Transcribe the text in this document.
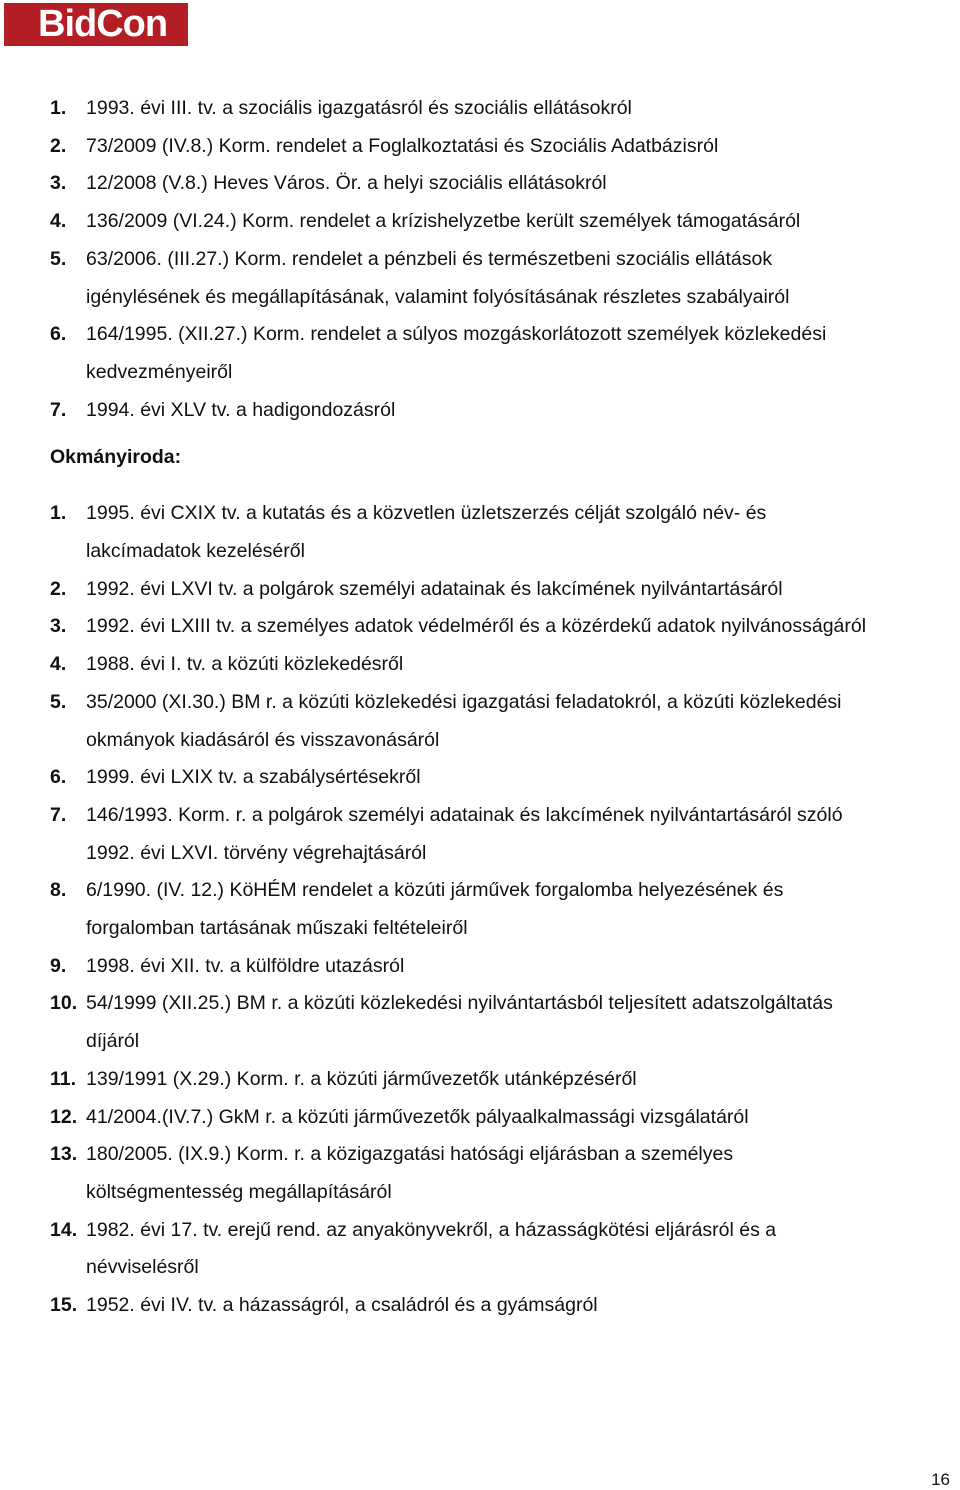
BidCon
1.	1993. évi III. tv. a szociális igazgatásról és szociális ellátásokról
2.	73/2009 (IV.8.) Korm. rendelet a Foglalkoztatási és Szociális Adatbázisról
3.	12/2008 (V.8.) Heves Város. Ör. a helyi szociális ellátásokról
4.	136/2009 (VI.24.) Korm. rendelet a krízishelyzetbe került személyek támogatásáról
5.	63/2006. (III.27.) Korm. rendelet a pénzbeli és természetbeni szociális ellátások
igénylésének és megállapításának, valamint folyósításának részletes szabályairól
6.	164/1995. (XII.27.) Korm. rendelet a súlyos mozgáskorlátozott személyek közlekedési
kedvezményeiről
7.	1994. évi XLV tv. a hadigondozásról
Okmányiroda:
1.	1995. évi CXIX tv. a kutatás és a közvetlen üzletszerzés célját szolgáló név- és
lakcímadatok kezeléséről
2.	1992. évi LXVI tv. a polgárok személyi adatainak és lakcímének nyilvántartásáról
3.	1992. évi LXIII tv. a személyes adatok védelméről és a közérdekű adatok nyilvánosságáról
4.	1988. évi I. tv. a közúti közlekedésről
5.	35/2000 (XI.30.) BM r. a közúti közlekedési igazgatási feladatokról, a közúti közlekedési
okmányok kiadásáról és visszavonásáról
6.	1999. évi LXIX tv. a szabálysértésekről
7.	146/1993. Korm. r. a polgárok személyi adatainak és lakcímének nyilvántartásáról szóló
1992. évi LXVI. törvény végrehajtásáról
8.	6/1990. (IV. 12.) KöHÉM rendelet a közúti járművek forgalomba helyezésének és
forgalomban tartásának műszaki feltételeiről
9.	1998. évi XII. tv. a külföldre utazásról
10. 54/1999 (XII.25.) BM r. a közúti közlekedési nyilvántartásból teljesített adatszolgáltatás
díjáról
11. 139/1991 (X.29.) Korm. r. a közúti járművezetők utánképzéséről
12. 41/2004.(IV.7.) GkM r. a közúti járművezetők pályaalkalmassági vizsgálatáról
13. 180/2005. (IX.9.) Korm. r. a közigazgatási hatósági eljárásban a személyes
költségmentesség megállapításáról
14. 1982. évi 17. tv. erejű rend. az anyakönyvekről, a házasságkötési eljárásról és a
névviselésről
15. 1952. évi IV. tv. a házasságról, a családról és a gyámságról
16
